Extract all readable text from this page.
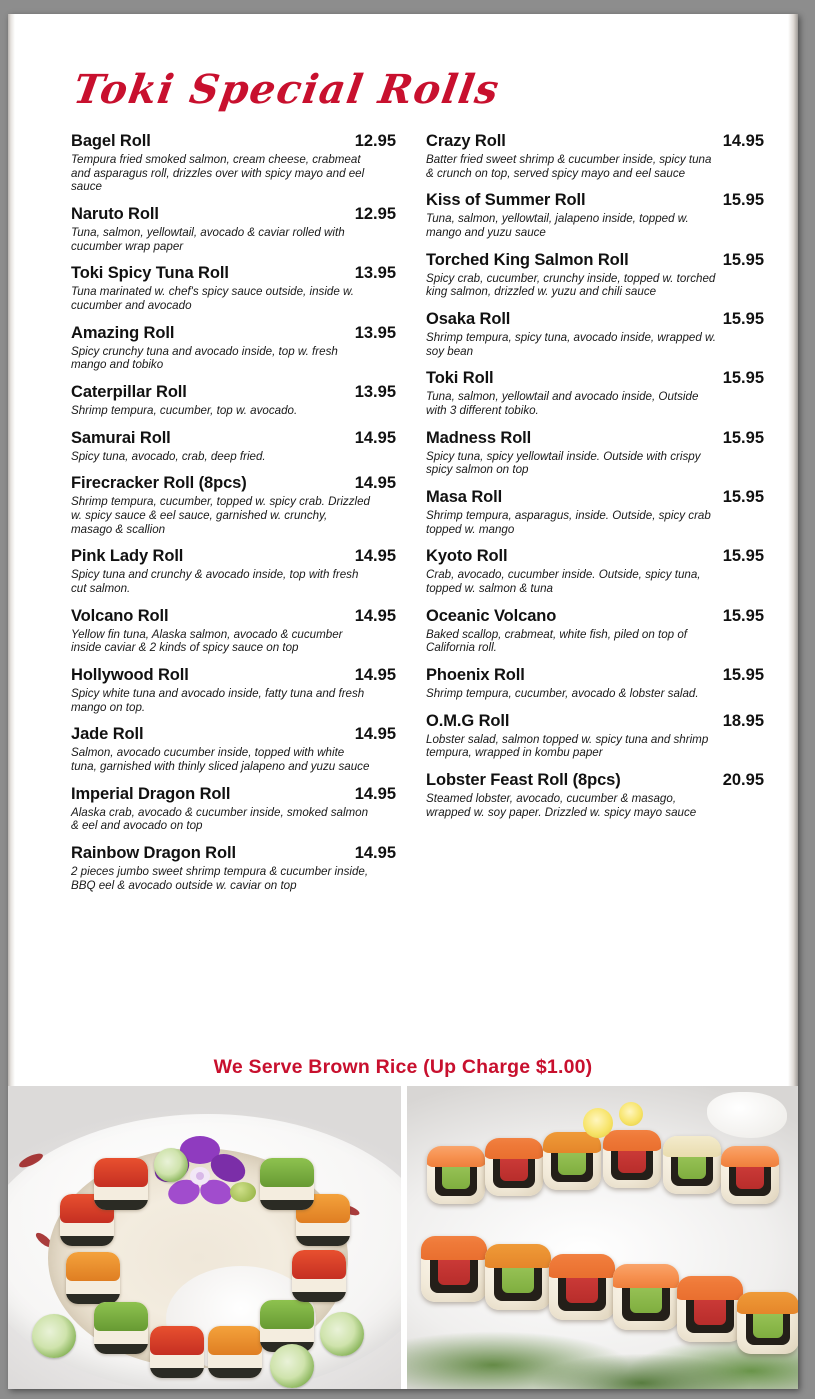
Toki Special Rolls
Bagel Roll	12.95
Tempura fried smoked salmon, cream cheese, crabmeat and asparagus roll, drizzles over with spicy mayo and eel sauce
Naruto Roll	12.95
Tuna, salmon, yellowtail, avocado & caviar rolled with cucumber wrap paper
Toki Spicy Tuna Roll	13.95
Tuna marinated w. chef's spicy sauce outside, inside w. cucumber and avocado
Amazing Roll	13.95
Spicy crunchy tuna and avocado inside, top w. fresh mango and tobiko
Caterpillar Roll	13.95
Shrimp tempura, cucumber, top w. avocado.
Samurai Roll	14.95
Spicy tuna, avocado, crab, deep fried.
Firecracker Roll (8pcs)	14.95
Shrimp tempura, cucumber, topped w. spicy crab. Drizzled w. spicy sauce & eel sauce, garnished w. crunchy, masago & scallion
Pink Lady Roll	14.95
Spicy tuna and crunchy & avocado inside, top with fresh cut salmon.
Volcano Roll	14.95
Yellow fin tuna, Alaska salmon, avocado & cucumber inside caviar & 2 kinds of spicy sauce on top
Hollywood Roll	14.95
Spicy white tuna and avocado inside, fatty tuna and fresh mango on top.
Jade Roll	14.95
Salmon, avocado cucumber inside, topped with white tuna, garnished with thinly sliced jalapeno and yuzu sauce
Imperial Dragon Roll	14.95
Alaska crab, avocado & cucumber inside, smoked salmon & eel and avocado on top
Rainbow Dragon Roll	14.95
2 pieces jumbo sweet shrimp tempura & cucumber inside, BBQ eel & avocado outside w. caviar on top
Crazy Roll	14.95
Batter fried sweet shrimp & cucumber inside, spicy tuna & crunch on top, served spicy mayo and eel sauce
Kiss of Summer Roll	15.95
Tuna, salmon, yellowtail, jalapeno inside, topped w. mango and yuzu sauce
Torched King Salmon Roll	15.95
Spicy crab, cucumber, crunchy inside, topped w. torched king salmon, drizzled w. yuzu and chili sauce
Osaka Roll	15.95
Shrimp tempura, spicy tuna, avocado inside, wrapped w. soy bean
Toki Roll	15.95
Tuna, salmon, yellowtail and avocado inside, Outside with 3 different tobiko.
Madness Roll	15.95
Spicy tuna, spicy yellowtail inside. Outside with crispy spicy salmon on top
Masa Roll	15.95
Shrimp tempura, asparagus, inside. Outside, spicy crab topped w. mango
Kyoto Roll	15.95
Crab, avocado, cucumber inside. Outside, spicy tuna, topped w. salmon & tuna
Oceanic Volcano	15.95
Baked scallop, crabmeat, white fish, piled on top of California roll.
Phoenix Roll	15.95
Shrimp tempura, cucumber, avocado & lobster salad.
O.M.G Roll	18.95
Lobster salad, salmon topped w. spicy tuna and shrimp tempura, wrapped in kombu paper
Lobster Feast Roll (8pcs)	20.95
Steamed lobster, avocado, cucumber & masago, wrapped w. soy paper. Drizzled w. spicy mayo sauce
We Serve Brown Rice (Up Charge $1.00)
